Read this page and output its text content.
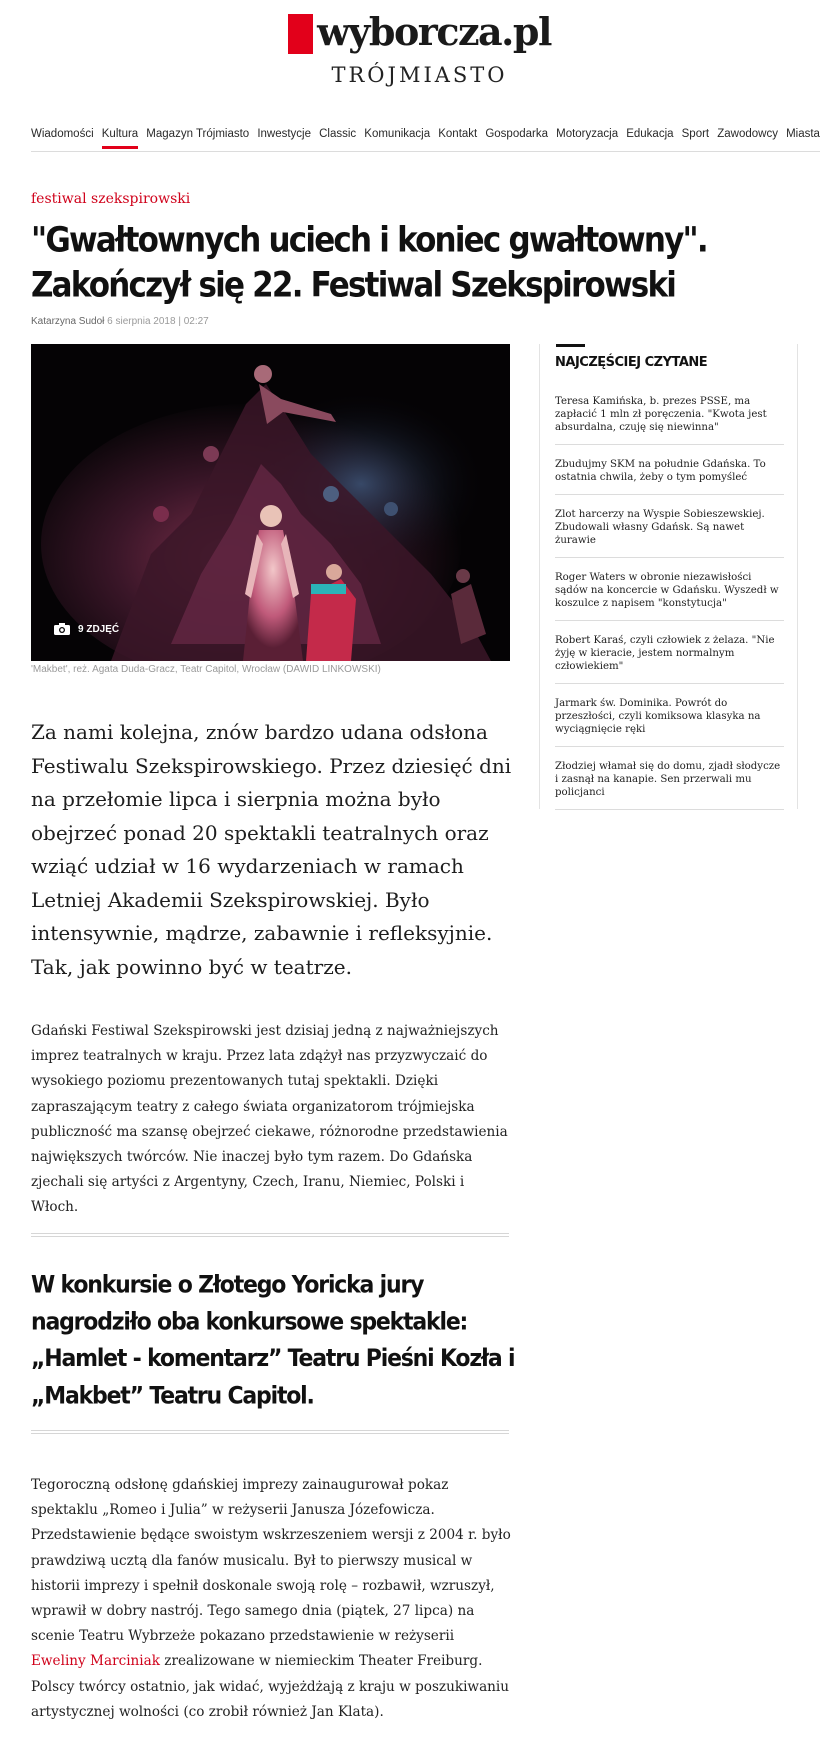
wyborcza.pl
TRÓJMIASTO
Wiadomości Kultura Magazyn Trójmiasto Inwestycje Classic Komunikacja Kontakt Gospodarka Motoryzacja Edukacja Sport Zawodowcy Miasta
festiwal szekspirowski
"Gwałtownych uciech i koniec gwałtowny". Zakończył się 22. Festiwal Szekspirowski
Katarzyna Sudoł 6 sierpnia 2018 | 02:27
9 ZDJĘĆ
'Makbet', reż. Agata Duda-Gracz, Teatr Capitol, Wrocław (DAWID LINKOWSKI)

Za nami kolejna, znów bardzo udana odsłona Festiwalu Szekspirowskiego. Przez dziesięć dni na przełomie lipca i sierpnia można było obejrzeć ponad 20 spektakli teatralnych oraz wziąć udział w 16 wydarzeniach w ramach Letniej Akademii Szekspirowskiej. Było intensywnie, mądrze, zabawnie i refleksyjnie. Tak, jak powinno być w teatrze.

Gdański Festiwal Szekspirowski jest dzisiaj jedną z najważniejszych imprez teatralnych w kraju. Przez lata zdążył nas przyzwyczaić do wysokiego poziomu prezentowanych tutaj spektakli. Dzięki zapraszającym teatry z całego świata organizatorom trójmiejska publiczność ma szansę obejrzeć ciekawe, różnorodne przedstawienia największych twórców. Nie inaczej było tym razem. Do Gdańska zjechali się artyści z Argentyny, Czech, Iranu, Niemiec, Polski i Włoch.

W konkursie o Złotego Yoricka jury nagrodziło oba konkursowe spektakle: „Hamlet - komentarz” Teatru Pieśni Kozła i „Makbet” Teatru Capitol.

Tegoroczną odsłonę gdańskiej imprezy zainaugurował pokaz spektaklu „Romeo i Julia” w reżyserii Janusza Józefowicza. Przedstawienie będące swoistym wskrzeszeniem wersji z 2004 r. było prawdziwą ucztą dla fanów musicalu. Był to pierwszy musical w historii imprezy i spełnił doskonale swoją rolę – rozbawił, wzruszył, wprawił w dobry nastrój. Tego samego dnia (piątek, 27 lipca) na scenie Teatru Wybrzeże pokazano przedstawienie w reżyserii Eweliny Marciniak zrealizowane w niemieckim Theater Freiburg. Polscy twórcy ostatnio, jak widać, wyjeżdżają z kraju w poszukiwaniu artystycznej wolności (co zrobił również Jan Klata).

NAJCZĘŚCIEJ CZYTANE
Teresa Kamińska, b. prezes PSSE, ma zapłacić 1 mln zł poręczenia. "Kwota jest absurdalna, czuję się niewinna"
Zbudujmy SKM na południe Gdańska. To ostatnia chwila, żeby o tym pomyśleć
Zlot harcerzy na Wyspie Sobieszewskiej. Zbudowali własny Gdańsk. Są nawet żurawie
Roger Waters w obronie niezawisłości sądów na koncercie w Gdańsku. Wyszedł w koszulce z napisem "konstytucja"
Robert Karaś, czyli człowiek z żelaza. "Nie żyję w kieracie, jestem normalnym człowiekiem"
Jarmark św. Dominika. Powrót do przeszłości, czyli komiksowa klasyka na wyciągnięcie ręki
Złodziej włamał się do domu, zjadł słodycze i zasnął na kanapie. Sen przerwali mu policjanci
